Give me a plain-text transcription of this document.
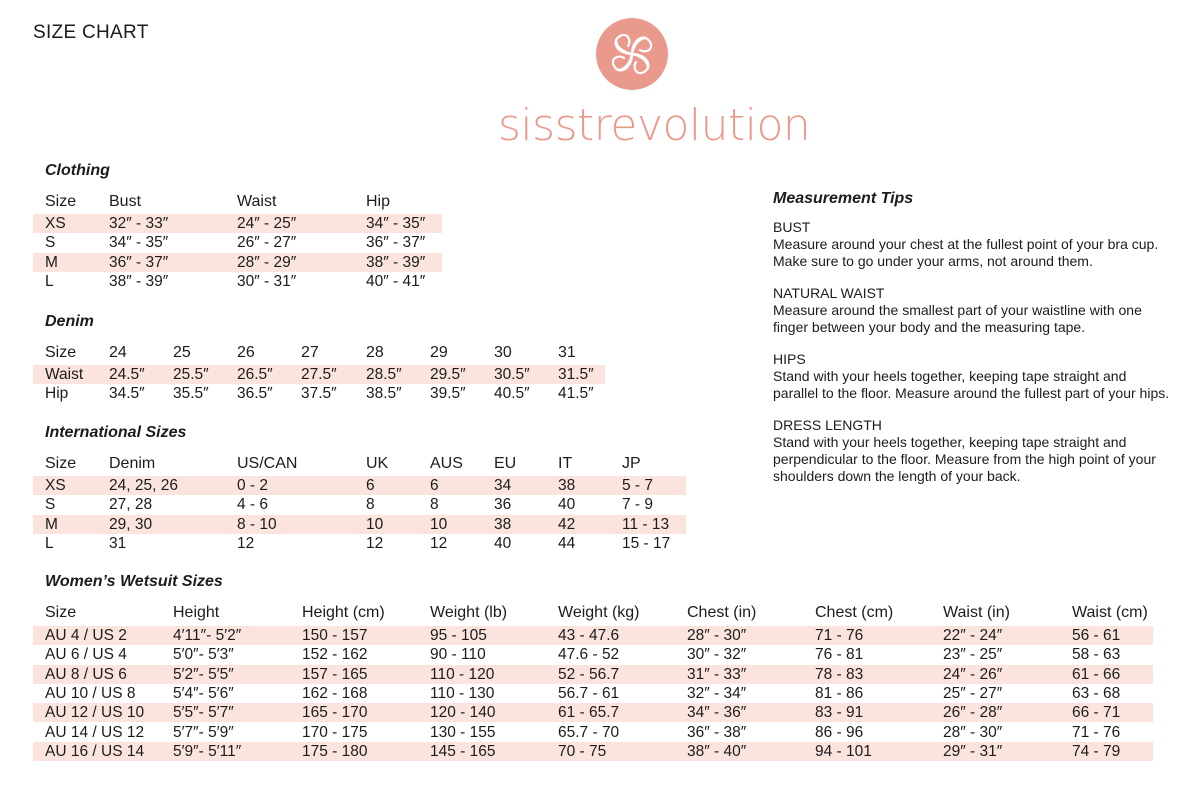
SIZE CHART
sisstrevolution
Clothing
Size Bust	Waist	Hip
XS	32″ - 33″	24″ - 25″	34″ - 35″
S	34″ - 35″	26″ - 27″	36″ - 37″
M	36″ - 37″	28″ - 29″	38″ - 39″
L	38″ - 39″	30″ - 31″	40″ - 41″
Denim
Size 24	25	26	27	28	29	30	31
Waist 24.5″ 25.5″ 26.5″ 27.5″ 28.5″ 29.5″ 30.5″ 31.5″
Hip	34.5″ 35.5″ 36.5″ 37.5″ 38.5″ 39.5″ 40.5″ 41.5″
International Sizes
Size Denim	US/CAN	UK	AUS EU	IT	JP
XS	24, 25, 26	0 - 2	6	6	34	38	5 - 7
S	27, 28	4 - 6	8	8	36	40	7 - 9
M	29, 30	8 - 10	10	10	38	42	11 - 13
L	31	12	12	12	40	44	15 - 17
Women’s Wetsuit Sizes
Size	Height	Height (cm)	Weight (lb)	Weight (kg)	Chest (in)	Chest (cm)	Waist (in)	Waist (cm)
AU 4 / US 2	4′11″- 5′2″	150 - 157	95 - 105	43 - 47.6	28″ - 30″	71 - 76	22″ - 24″	56 - 61
AU 6 / US 4	5′0″- 5′3″	152 - 162	90 - 110	47.6 - 52	30″ - 32″	76 - 81	23″ - 25″	58 - 63
AU 8 / US 6	5′2″- 5′5″	157 - 165	110 - 120	52 - 56.7	31″ - 33″	78 - 83	24″ - 26″	61 - 66
AU 10 / US 8 5′4″- 5′6″	162 - 168	110 - 130	56.7 - 61	32″ - 34″	81 - 86	25″ - 27″	63 - 68
AU 12 / US 10 5′5″- 5′7″	165 - 170	120 - 140	61 - 65.7	34″ - 36″	83 - 91	26″ - 28″	66 - 71
AU 14 / US 12 5′7″- 5′9″	170 - 175	130 - 155	65.7 - 70	36″ - 38″	86 - 96	28″ - 30″	71 - 76
AU 16 / US 14 5′9″- 5′11″	175 - 180	145 - 165	70 - 75	38″ - 40″	94 - 101	29″ - 31″	74 - 79
Measurement Tips
BUST
Measure around your chest at the fullest point of your bra cup.
Make sure to go under your arms, not around them.
NATURAL WAIST
Measure around the smallest part of your waistline with one
finger between your body and the measuring tape.
HIPS
Stand with your heels together, keeping tape straight and
parallel to the floor. Measure around the fullest part of your hips.
DRESS LENGTH
Stand with your heels together, keeping tape straight and
perpendicular to the floor. Measure from the high point of your
shoulders down the length of your back.
